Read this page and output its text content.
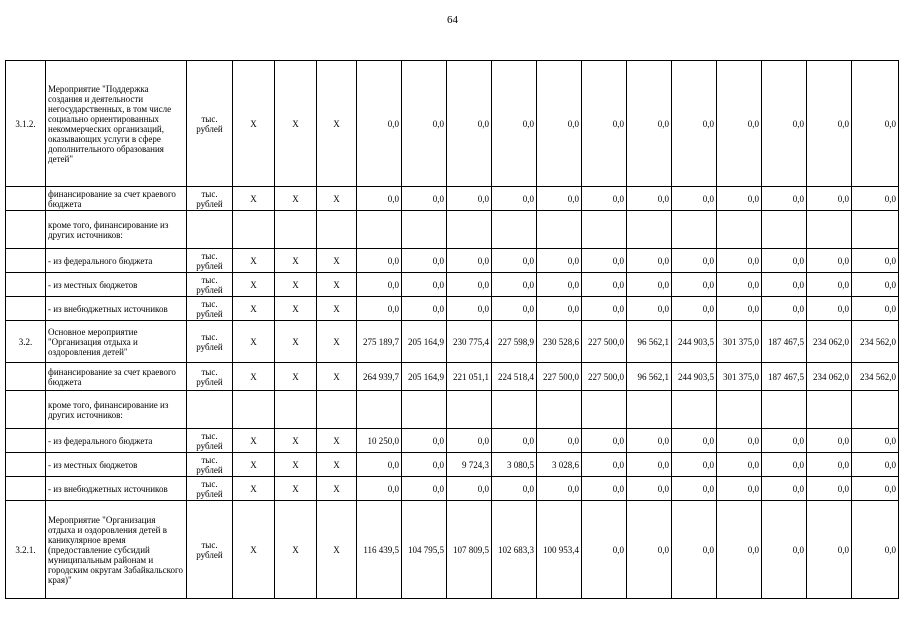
64
3.1.2.	Мероприятие "Поддержка создания и деятельности негосударственных, в том числе социально ориентированных некоммерческих организаций, оказывающих услуги в сфере дополнительного образования детей"	тыс. рублей	X	X	X	0,0	0,0	0,0	0,0	0,0	0,0	0,0	0,0	0,0	0,0	0,0	0,0
	финансирование за счет краевого бюджета	тыс. рублей	X	X	X	0,0	0,0	0,0	0,0	0,0	0,0	0,0	0,0	0,0	0,0	0,0	0,0
	кроме того, финансирование из других источников:																
	- из федерального бюджета	тыс. рублей	X	X	X	0,0	0,0	0,0	0,0	0,0	0,0	0,0	0,0	0,0	0,0	0,0	0,0
	- из местных бюджетов	тыс. рублей	X	X	X	0,0	0,0	0,0	0,0	0,0	0,0	0,0	0,0	0,0	0,0	0,0	0,0
	- из внебюджетных источников	тыс. рублей	X	X	X	0,0	0,0	0,0	0,0	0,0	0,0	0,0	0,0	0,0	0,0	0,0	0,0
3.2.	Основное мероприятие "Организация отдыха и оздоровления детей"	тыс. рублей	X	X	X	275 189,7	205 164,9	230 775,4	227 598,9	230 528,6	227 500,0	96 562,1	244 903,5	301 375,0	187 467,5	234 062,0	234 562,0
	финансирование за счет краевого бюджета	тыс. рублей	X	X	X	264 939,7	205 164,9	221 051,1	224 518,4	227 500,0	227 500,0	96 562,1	244 903,5	301 375,0	187 467,5	234 062,0	234 562,0
	кроме того, финансирование из других источников:																
	- из федерального бюджета	тыс. рублей	X	X	X	10 250,0	0,0	0,0	0,0	0,0	0,0	0,0	0,0	0,0	0,0	0,0	0,0
	- из местных бюджетов	тыс. рублей	X	X	X	0,0	0,0	9 724,3	3 080,5	3 028,6	0,0	0,0	0,0	0,0	0,0	0,0	0,0
	- из внебюджетных источников	тыс. рублей	X	X	X	0,0	0,0	0,0	0,0	0,0	0,0	0,0	0,0	0,0	0,0	0,0	0,0
3.2.1.	Мероприятие "Организация отдыха и оздоровления детей в каникулярное время (предоставление субсидий муниципальным районам и городским округам Забайкальского края)"	тыс. рублей	X	X	X	116 439,5	104 795,5	107 809,5	102 683,3	100 953,4	0,0	0,0	0,0	0,0	0,0	0,0	0,0
